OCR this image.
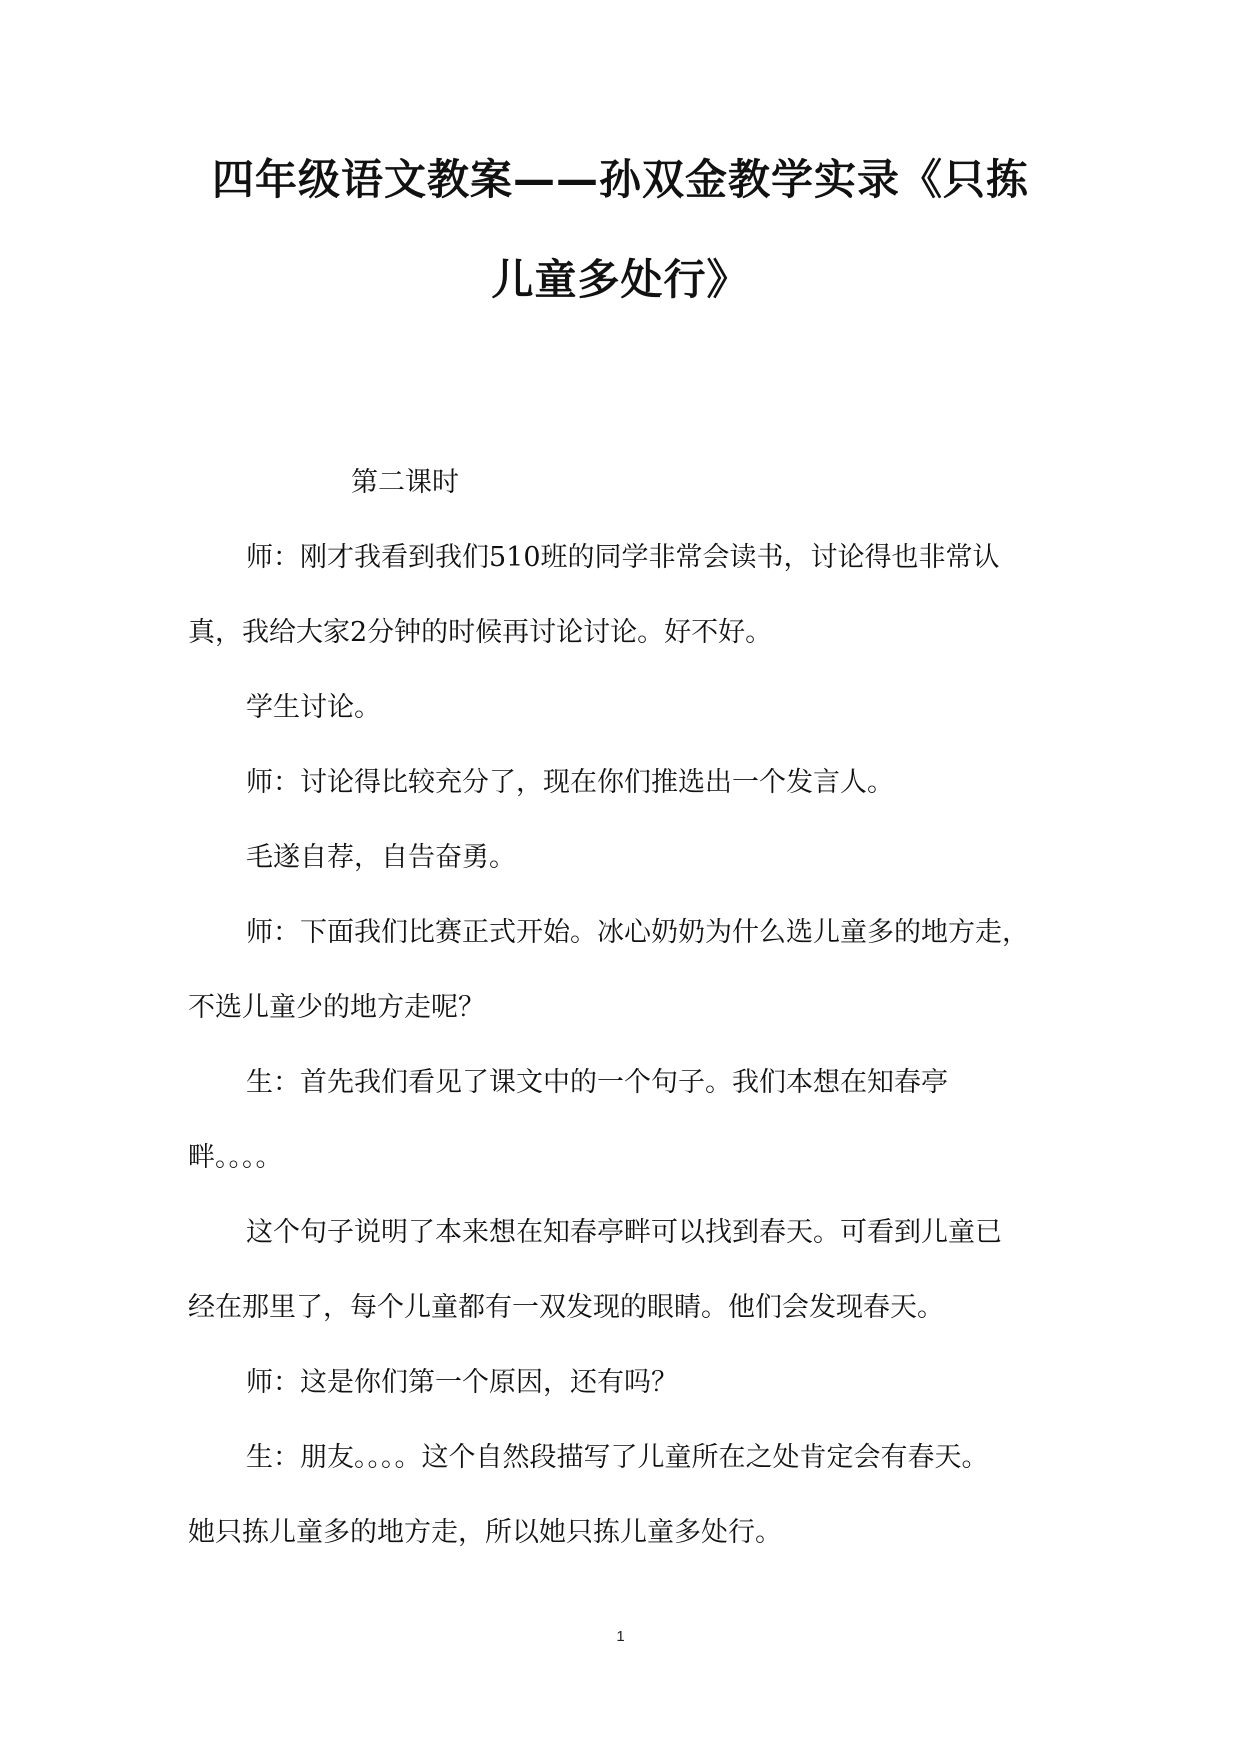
四年级语文教案——孙双金教学实录《只拣
儿童多处行》

第二课时

师：刚才我看到我们510班的同学非常会读书，讨论得也非常认
真，我给大家2分钟的时候再讨论讨论。好不好。

学生讨论。

师：讨论得比较充分了，现在你们推选出一个发言人。

毛遂自荐，自告奋勇。

师：下面我们比赛正式开始。冰心奶奶为什么选儿童多的地方走，
不选儿童少的地方走呢？

生：首先我们看见了课文中的一个句子。我们本想在知春亭
畔。。。。

这个句子说明了本来想在知春亭畔可以找到春天。可看到儿童已
经在那里了，每个儿童都有一双发现的眼睛。他们会发现春天。

师：这是你们第一个原因，还有吗？

生：朋友。。。。这个自然段描写了儿童所在之处肯定会有春天。
她只拣儿童多的地方走，所以她只拣儿童多处行。

1
